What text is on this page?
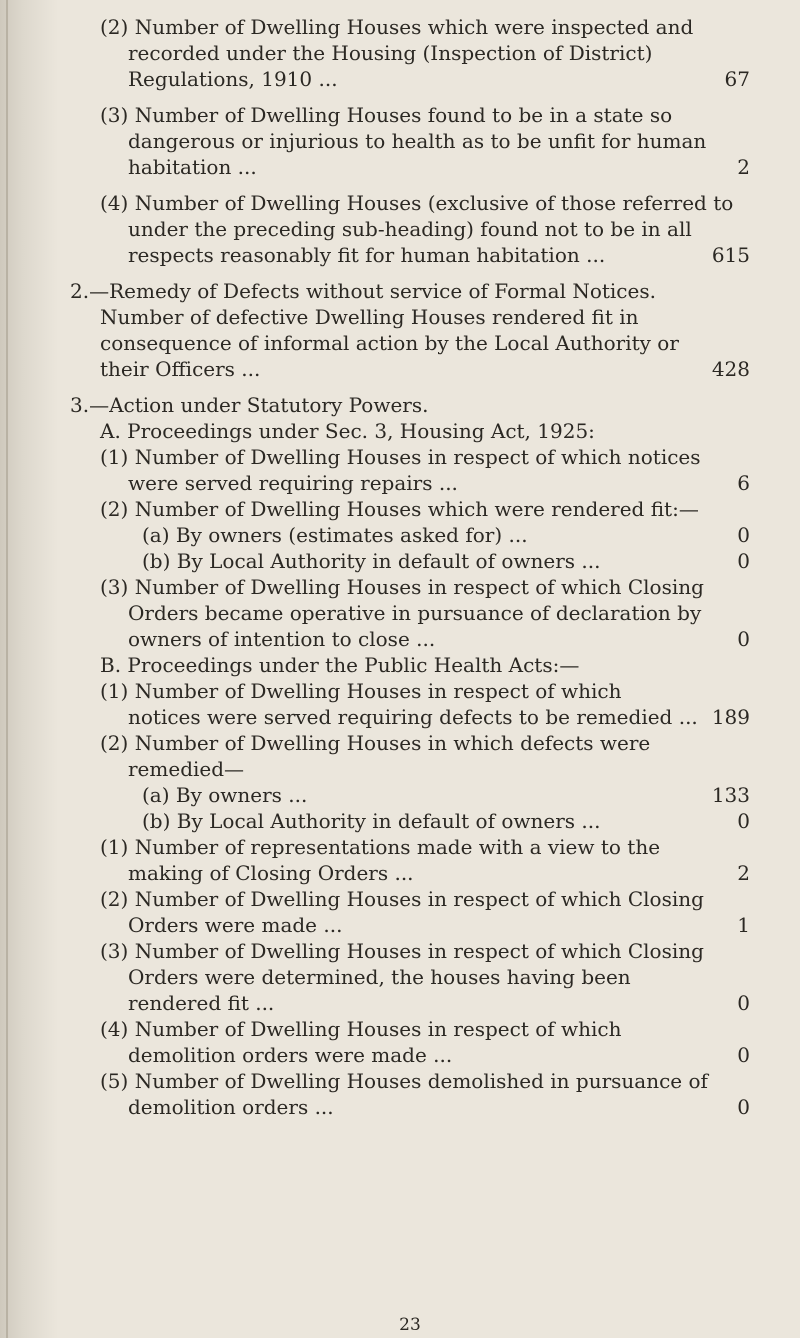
(2) Number of Dwelling Houses which were inspected and recorded under the Housing (Inspection of District) Regulations, 1910 ...	67
(3) Number of Dwelling Houses found to be in a state so dangerous or injurious to health as to be unfit for human habitation ...	2
(4) Number of Dwelling Houses (exclusive of those referred to under the preceding sub-heading) found not to be in all respects reasonably fit for human habitation ...	615
2.—Remedy of Defects without service of Formal Notices.
Number of defective Dwelling Houses rendered fit in consequence of informal action by the Local Authority or their Officers ...	428
3.—Action under Statutory Powers.
A. Proceedings under Sec. 3, Housing Act, 1925:
(1) Number of Dwelling Houses in respect of which notices were served requiring repairs ...	6
(2) Number of Dwelling Houses which were rendered fit:—
(a) By owners (estimates asked for) ...	0
(b) By Local Authority in default of owners ...	0
(3) Number of Dwelling Houses in respect of which Closing Orders became operative in pursuance of declaration by owners of intention to close ...	0
B. Proceedings under the Public Health Acts:—
(1) Number of Dwelling Houses in respect of which notices were served requiring defects to be remedied ... 189
(2) Number of Dwelling Houses in which defects were remedied—
(a) By owners ...	133
(b) By Local Authority in default of owners ...	0
(1) Number of representations made with a view to the making of Closing Orders ...	2
(2) Number of Dwelling Houses in respect of which Closing Orders were made ...	1
(3) Number of Dwelling Houses in respect of which Closing Orders were determined, the houses having been rendered fit ...	0
(4) Number of Dwelling Houses in respect of which demolition orders were made ...	0
(5) Number of Dwelling Houses demolished in pursuance of demolition orders ...	0
23
